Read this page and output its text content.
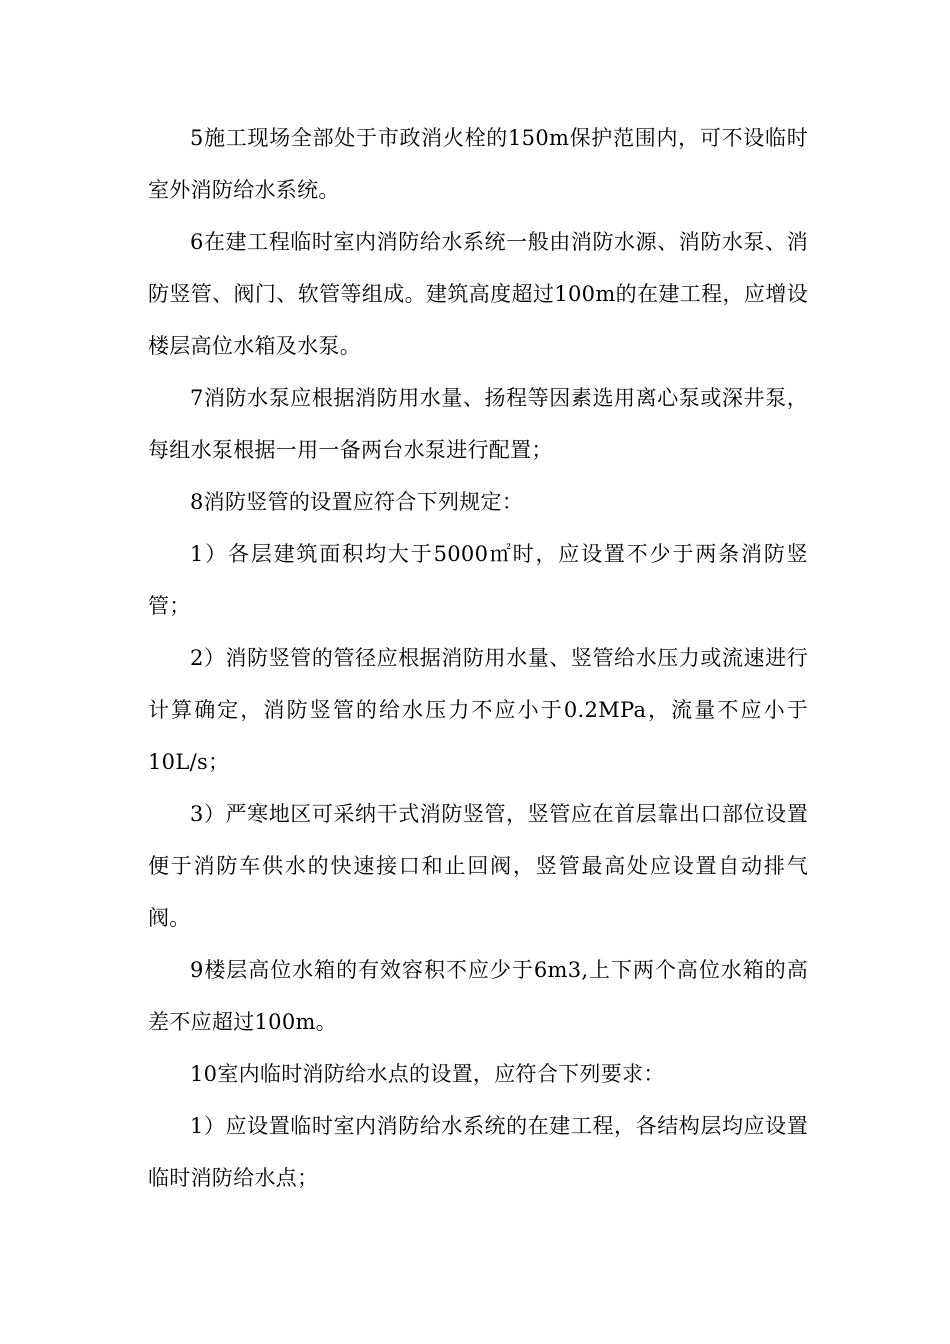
5施工现场全部处于市政消火栓的150m保护范围内，可不设临时室外消防给水系统。

6在建工程临时室内消防给水系统一般由消防水源、消防水泵、消防竖管、阀门、软管等组成。建筑高度超过100m的在建工程，应增设楼层高位水箱及水泵。

7消防水泵应根据消防用水量、扬程等因素选用离心泵或深井泵，每组水泵根据一用一备两台水泵进行配置；

8消防竖管的设置应符合下列规定：

1）各层建筑面积均大于5000㎡时，应设置不少于两条消防竖管；

2）消防竖管的管径应根据消防用水量、竖管给水压力或流速进行计算确定，消防竖管的给水压力不应小于0.2MPa，流量不应小于10L/s；

3）严寒地区可采纳干式消防竖管，竖管应在首层靠出口部位设置便于消防车供水的快速接口和止回阀，竖管最高处应设置自动排气阀。

9楼层高位水箱的有效容积不应少于6m3,上下两个高位水箱的高差不应超过100m。

10室内临时消防给水点的设置，应符合下列要求：

1）应设置临时室内消防给水系统的在建工程，各结构层均应设置临时消防给水点；
